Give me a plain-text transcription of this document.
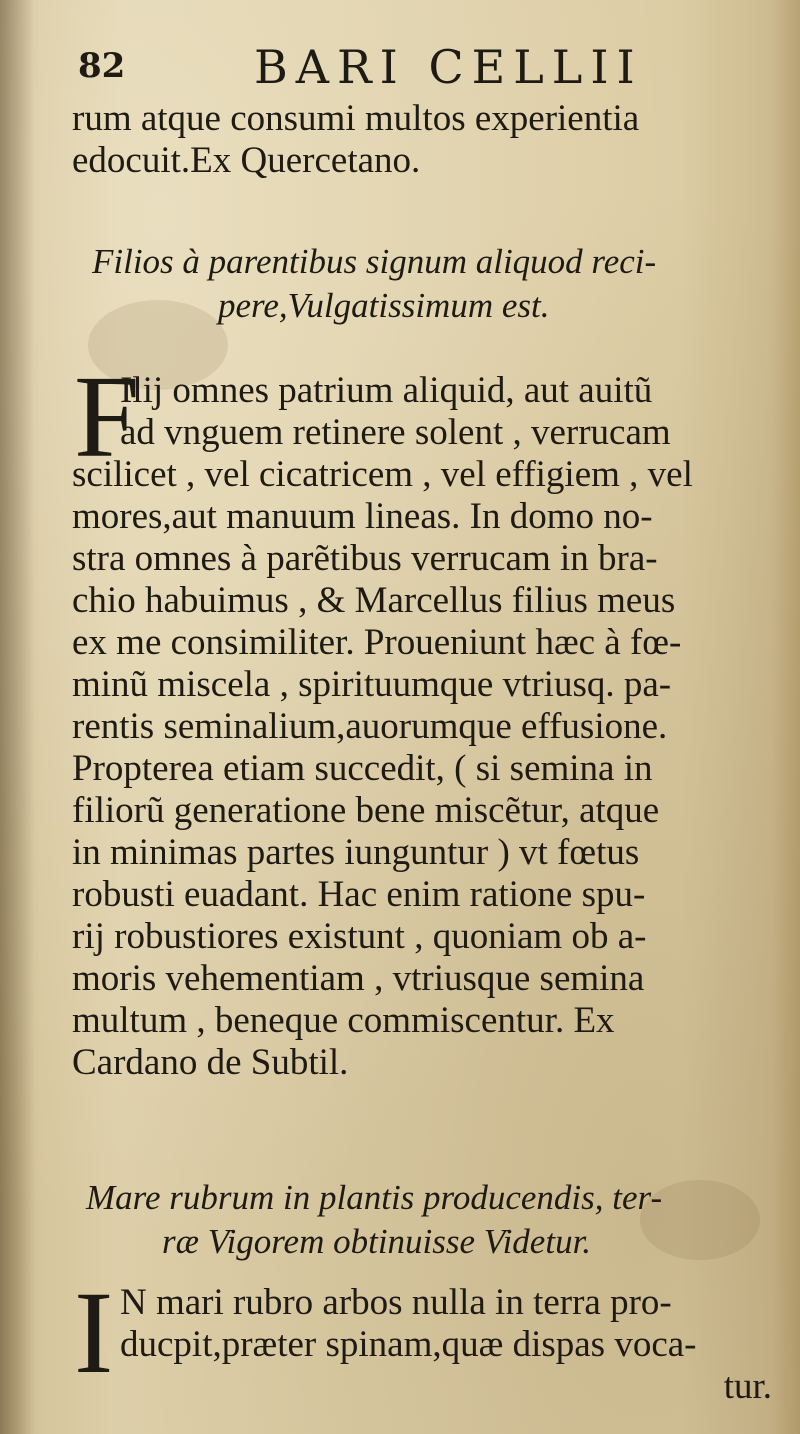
82	BARI CELLII
rum atque consumi multos experientia
edocuit.Ex Quercetano.
Filios à parentibus signum aliquod reci-
pere,Vulgatissimum est.
F
Ilij omnes patrium aliquid, aut auitũ
ad vnguem retinere solent , verrucam
scilicet , vel cicatricem , vel effigiem , vel
mores,aut manuum lineas. In domo no-
stra omnes à parẽtibus verrucam in bra-
chio habuimus , & Marcellus filius meus
ex me consimiliter. Proueniunt hæc à fœ-
minũ miscela , spirituumque vtriusq. pa-
rentis seminalium,auorumque effusione.
Propterea etiam succedit, ( si semina in
filiorũ generatione bene miscẽtur, atque
in minimas partes iunguntur ) vt fœtus
robusti euadant. Hac enim ratione spu-
rij robustiores existunt , quoniam ob a-
moris vehementiam , vtriusque semina
multum , beneque commiscentur. Ex
Cardano de Subtil.
Mare rubrum in plantis producendis, ter-
ræ Vigorem obtinuisse Videtur.
I N mari rubro arbos nulla in terra pro-
ducpit,præter spinam,quæ dispas voca-
tur.
